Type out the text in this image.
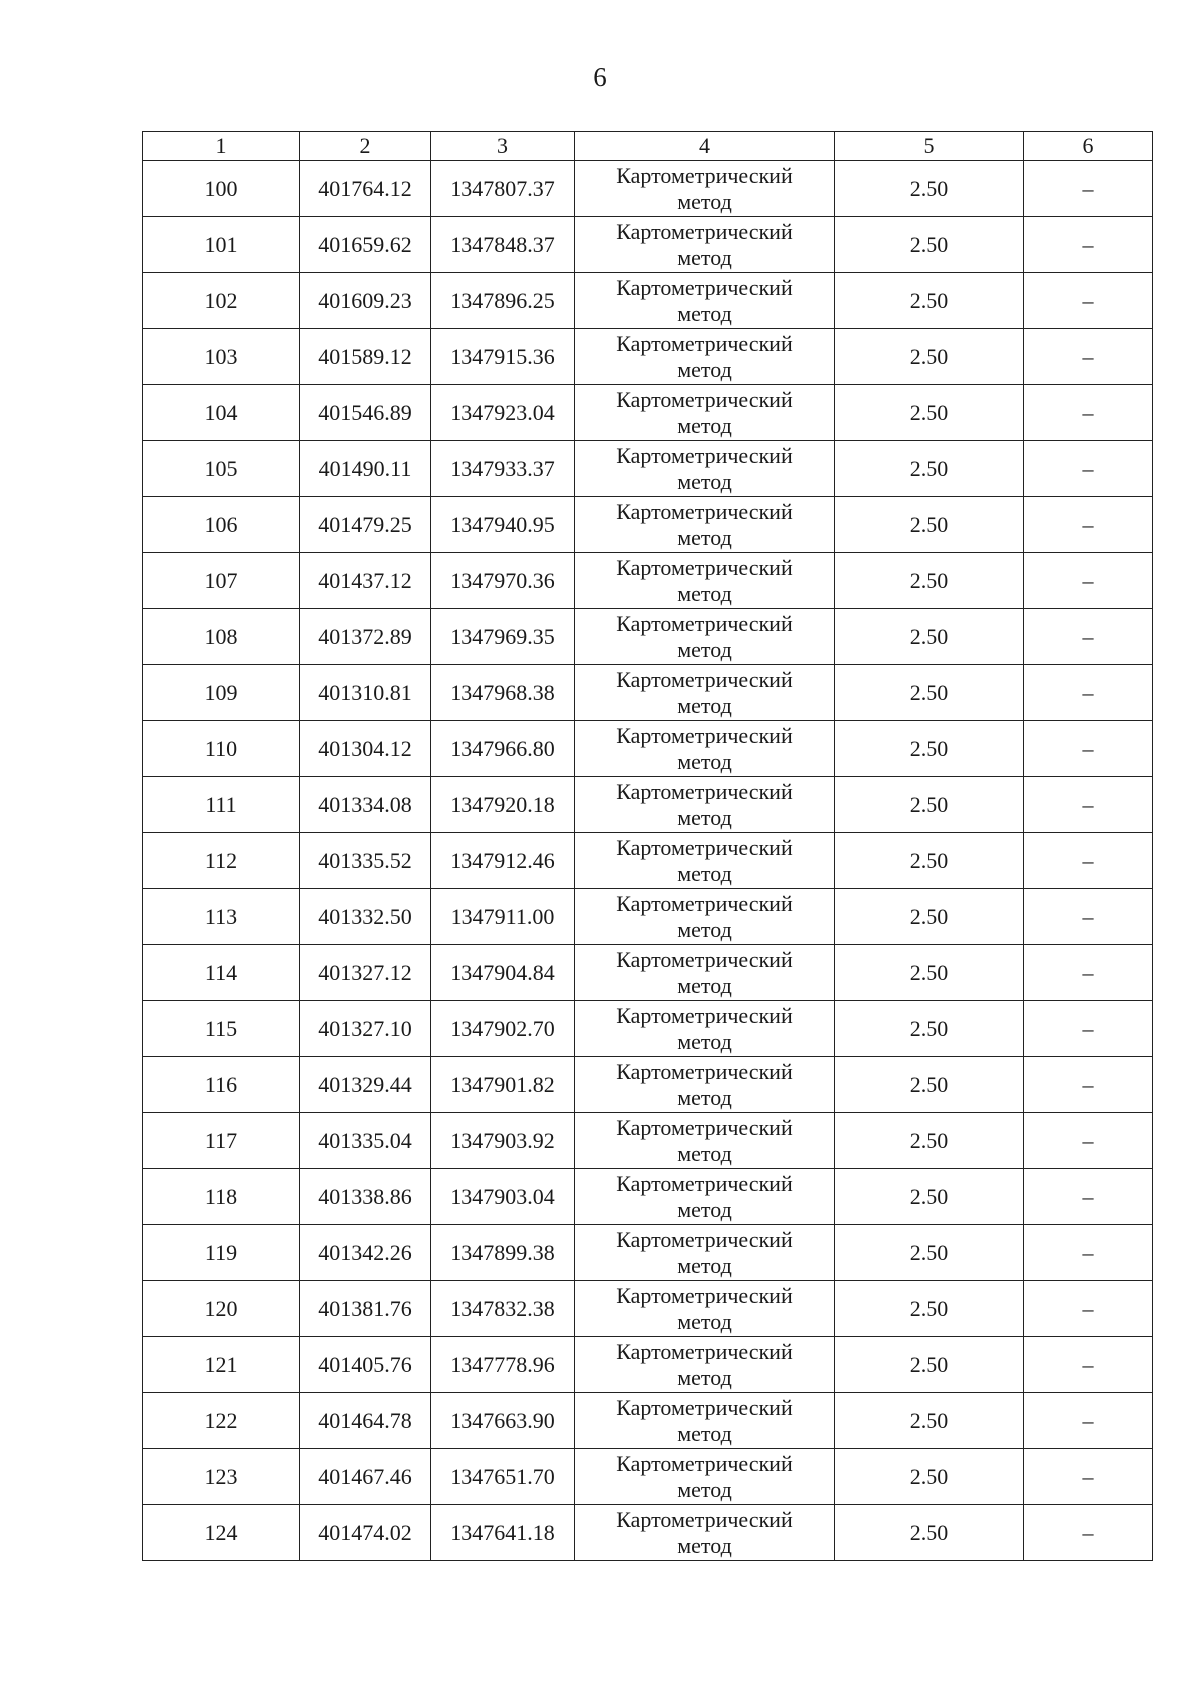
6
1	2	3	4	5	6
100	401764.12	1347807.37	Картометрический
метод	2.50	–
101	401659.62	1347848.37	Картометрический
метод	2.50	–
102	401609.23	1347896.25	Картометрический
метод	2.50	–
103	401589.12	1347915.36	Картометрический
метод	2.50	–
104	401546.89	1347923.04	Картометрический
метод	2.50	–
105	401490.11	1347933.37	Картометрический
метод	2.50	–
106	401479.25	1347940.95	Картометрический
метод	2.50	–
107	401437.12	1347970.36	Картометрический
метод	2.50	–
108	401372.89	1347969.35	Картометрический
метод	2.50	–
109	401310.81	1347968.38	Картометрический
метод	2.50	–
110	401304.12	1347966.80	Картометрический
метод	2.50	–
111	401334.08	1347920.18	Картометрический
метод	2.50	–
112	401335.52	1347912.46	Картометрический
метод	2.50	–
113	401332.50	1347911.00	Картометрический
метод	2.50	–
114	401327.12	1347904.84	Картометрический
метод	2.50	–
115	401327.10	1347902.70	Картометрический
метод	2.50	–
116	401329.44	1347901.82	Картометрический
метод	2.50	–
117	401335.04	1347903.92	Картометрический
метод	2.50	–
118	401338.86	1347903.04	Картометрический
метод	2.50	–
119	401342.26	1347899.38	Картометрический
метод	2.50	–
120	401381.76	1347832.38	Картометрический
метод	2.50	–
121	401405.76	1347778.96	Картометрический
метод	2.50	–
122	401464.78	1347663.90	Картометрический
метод	2.50	–
123	401467.46	1347651.70	Картометрический
метод	2.50	–
124	401474.02	1347641.18	Картометрический
метод	2.50	–
